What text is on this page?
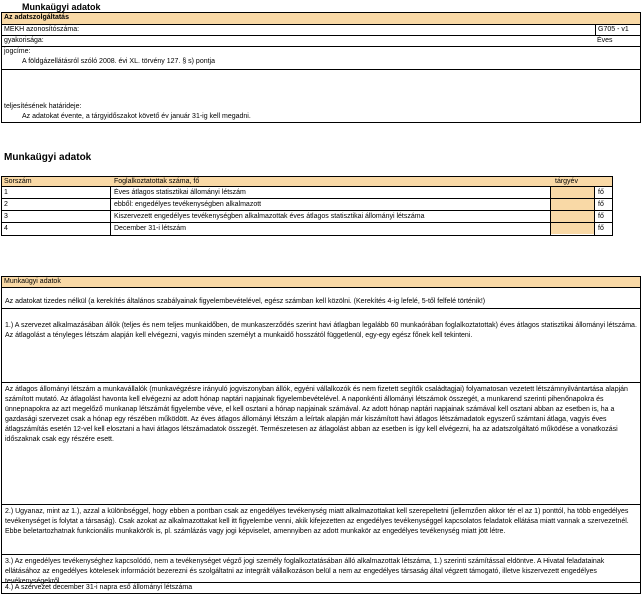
Munkaügyi adatok
Az adatszolgáltatás
MEKH azonosítószáma:	G705 - v1
gyakorisága:	Éves
jogcíme:
A földgázellátásról szóló 2008. évi XL. törvény 127. § s) pontja
teljesítésének határideje:
Az adatokat évente, a tárgyidőszakot követő év január 31-ig kell megadni.
Munkaügyi adatok
Sorszám	Foglalkoztatottak száma, fő	tárgyév
1	Éves átlagos statisztikai állományi létszám	fő
2	ebből: engedélyes tevékenységben alkalmazott	fő
3	Kiszervezett engedélyes tevékenységben alkalmazottak éves átlagos statisztikai állományi létszáma	fő
4	December 31-i létszám	fő
Munkaügyi adatok
Az adatokat tizedes nélkül (a kerekítés általános szabályainak figyelembevételével, egész számban kell közölni. (Kerekítés 4-ig lefelé, 5-től felfelé történik!)
1.) A szervezet alkalmazásában állók (teljes és nem teljes munkaidőben, de munkaszerződés szerint havi átlagban legalább 60 munkaórában foglalkoztatottak) éves átlagos statisztikai állományi létszáma. Az átlagolást a tényleges létszám alapján kell elvégezni, vagyis minden személyt a munkaidő hosszától függetlenül, egy-egy egész főnek kell tekinteni.
Az átlagos állományi létszám a munkavállalók (munkavégzésre irányuló jogviszonyban állók, egyéni vállalkozók és nem fizetett segítők családtagjai) folyamatosan vezetett létszámnyilvántartása alapján számított mutató. Az átlagolást havonta kell elvégezni az adott hónap naptári napjainak figyelembevételével. A naponkénti állományi létszámok összegét, a munkarend szerinti pihenőnapokra és ünnepnapokra az azt megelőző munkanap létszámát figyelembe véve, el kell osztani a hónap napjainak számával. Az adott hónap naptári napjainak számával kell osztani abban az esetben is, ha a gazdasági szervezet csak a hónap egy részében működött. Az éves átlagos állományi létszám a leírtak alapján már kiszámított havi átlagos létszámadatok egyszerű számtani átlaga, vagyis éves átlagszámítás esetén 12-vel kell elosztani a havi átlagos létszámadatok összegét. Természetesen az átlagolást abban az esetben is így kell elvégezni, ha az adatszolgáltató működése a vonatkozási időszaknak csak egy részére esett.
2.) Ugyanaz, mint az 1.), azzal a különbséggel, hogy ebben a pontban csak az engedélyes tevékenység miatt alkalmazottakat kell szerepeltetni (jellemzően akkor tér el az 1) ponttól, ha több engedélyes tevékenységet is folytat a társaság). Csak azokat az alkalmazottakat kell itt figyelembe venni, akik kifejezetten az engedélyes tevékenységgel kapcsolatos feladatok ellátása miatt vannak a szervezetnél. Ebbe beletartozhatnak funkcionális munkakörök is, pl. számlázás vagy jogi képviselet, amennyiben az adott munkakör az engedélyes tevékenység miatt jött létre.
3.) Az engedélyes tevékenységhez kapcsolódó, nem a tevékenységet végző jogi személy foglalkoztatásában álló alkalmazottak létszáma, 1.) szerinti számítással eldöntve. A Hivatal feladatainak ellátásához az engedélyes kötelesek információt bezerezni és szolgáltatni az integrált vállalkozáson belül a nem az engedélyes társaság által végzett támogató, illetve kiszervezett engedélyes tevékenységekről.
4.) A szervezet december 31-i napra eső állományi létszáma
